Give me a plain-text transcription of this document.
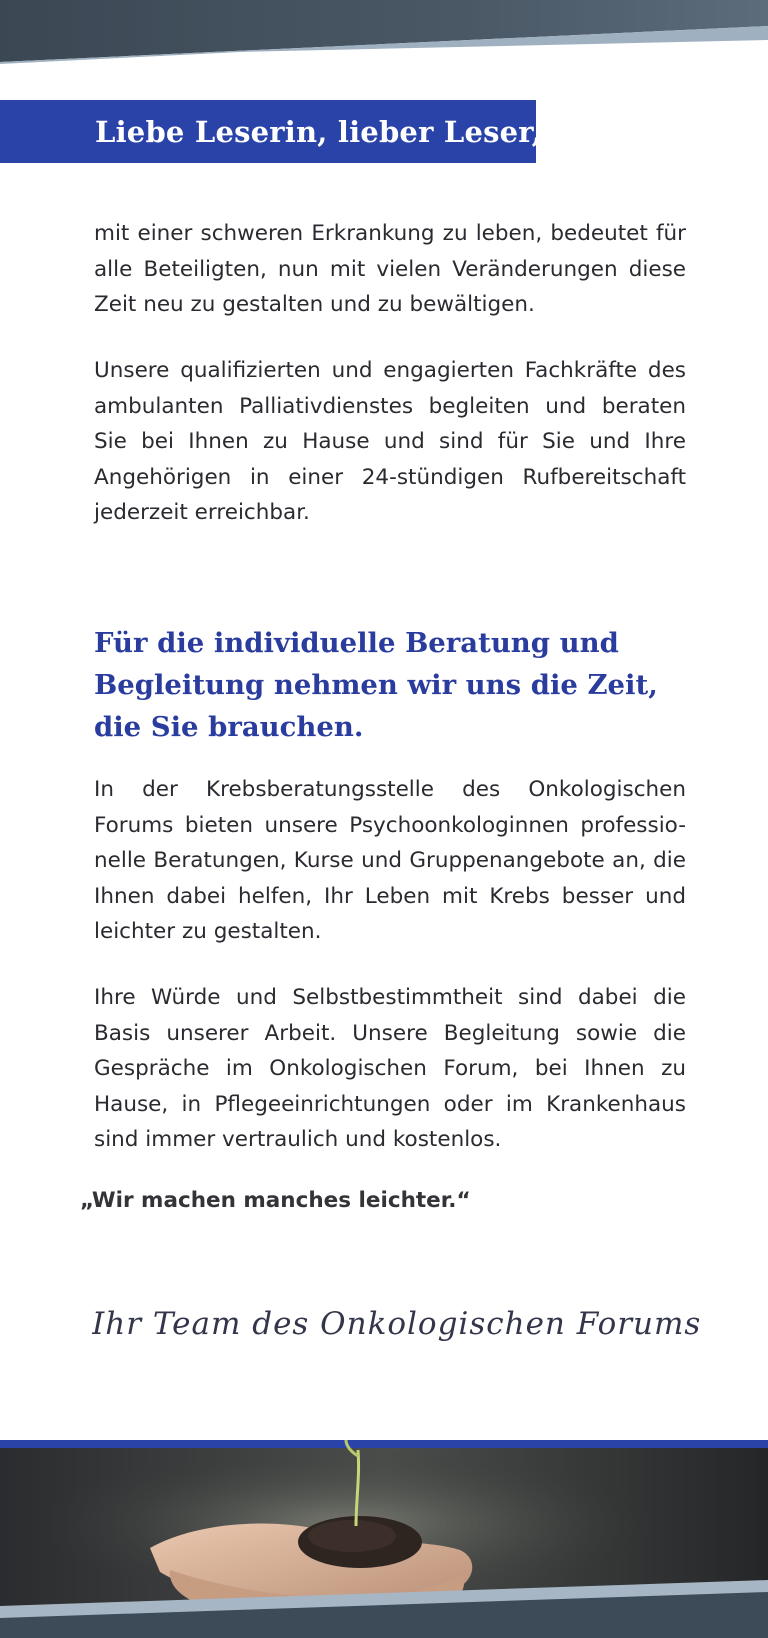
Liebe Leserin, lieber Leser,

mit einer schweren Erkrankung zu leben, bedeutet für alle Beteiligten, nun mit vielen Veränderungen diese Zeit neu zu gestalten und zu bewältigen.

Unsere qualifizierten und engagierten Fachkräfte des ambulanten Palliativdienstes begleiten und beraten Sie bei Ihnen zu Hause und sind für Sie und Ihre Angehörigen in einer 24-stündigen Rufbereitschaft jederzeit erreichbar.

Für die individuelle Beratung und Begleitung nehmen wir uns die Zeit, die Sie brauchen.

In der Krebsberatungsstelle des Onkologischen Forums bieten unsere Psychoonkologinnen professio-nelle Beratungen, Kurse und Gruppenangebote an, die Ihnen dabei helfen, Ihr Leben mit Krebs besser und leichter zu gestalten.

Ihre Würde und Selbstbestimmtheit sind dabei die Basis unserer Arbeit. Unsere Begleitung sowie die Gespräche im Onkologischen Forum, bei Ihnen zu Hause, in Pflegeeinrichtungen oder im Krankenhaus sind immer vertraulich und kostenlos.

„Wir machen manches leichter.“

Ihr Team des Onkologischen Forums
